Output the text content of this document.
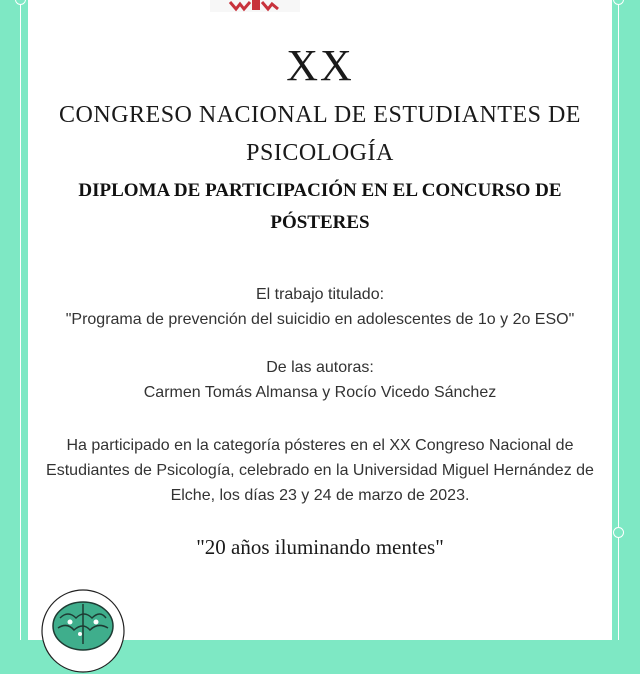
XX
CONGRESO NACIONAL DE ESTUDIANTES DE
PSICOLOGÍA
DIPLOMA DE PARTICIPACIÓN EN EL CONCURSO DE
PÓSTERES
El trabajo titulado:
"Programa de prevención del suicidio en adolescentes de 1o y 2o ESO"
De las autoras:
Carmen Tomás Almansa y Rocío Vicedo Sánchez
Ha participado en la categoría pósteres en el XX Congreso Nacional de
Estudiantes de Psicología, celebrado en la Universidad Miguel Hernández de
Elche, los días 23 y 24 de marzo de 2023.
"20 años iluminando mentes"
